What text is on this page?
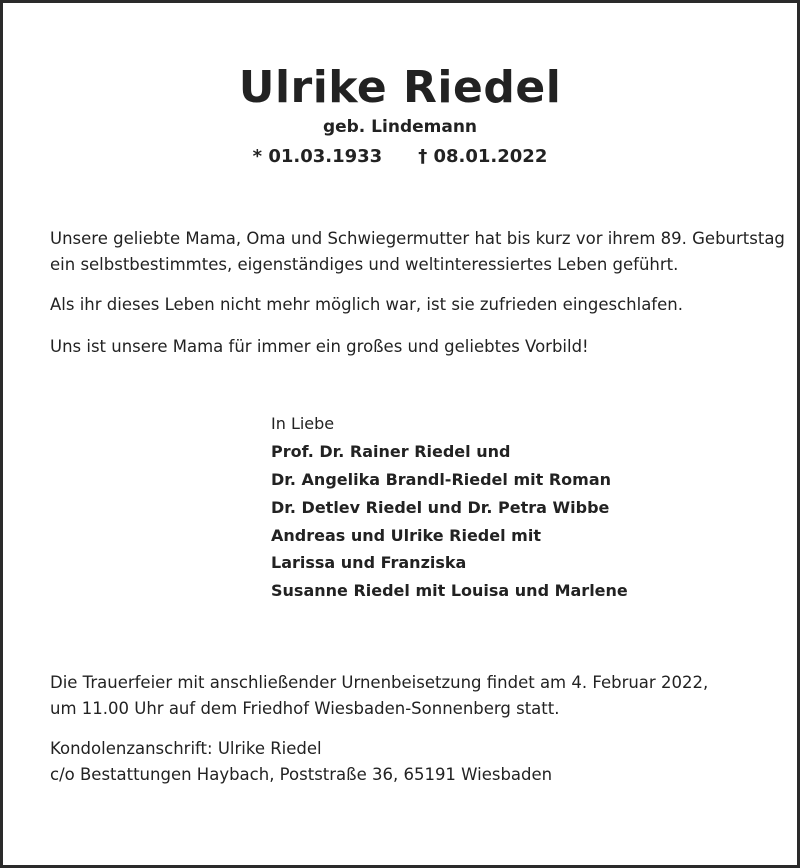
Ulrike Riedel
geb. Lindemann
* 01.03.1933 † 08.01.2022
Unsere geliebte Mama, Oma und Schwiegermutter hat bis kurz vor ihrem 89. Geburtstag
ein selbstbestimmtes, eigenständiges und weltinteressiertes Leben geführt.
Als ihr dieses Leben nicht mehr möglich war, ist sie zufrieden eingeschlafen.
Uns ist unsere Mama für immer ein großes und geliebtes Vorbild!
In Liebe
Prof. Dr. Rainer Riedel und
Dr. Angelika Brandl-Riedel mit Roman
Dr. Detlev Riedel und Dr. Petra Wibbe
Andreas und Ulrike Riedel mit
Larissa und Franziska
Susanne Riedel mit Louisa und Marlene
Die Trauerfeier mit anschließender Urnenbeisetzung findet am 4. Februar 2022,
um 11.00 Uhr auf dem Friedhof Wiesbaden-Sonnenberg statt.
Kondolenzanschrift: Ulrike Riedel
c/o Bestattungen Haybach, Poststraße 36, 65191 Wiesbaden
